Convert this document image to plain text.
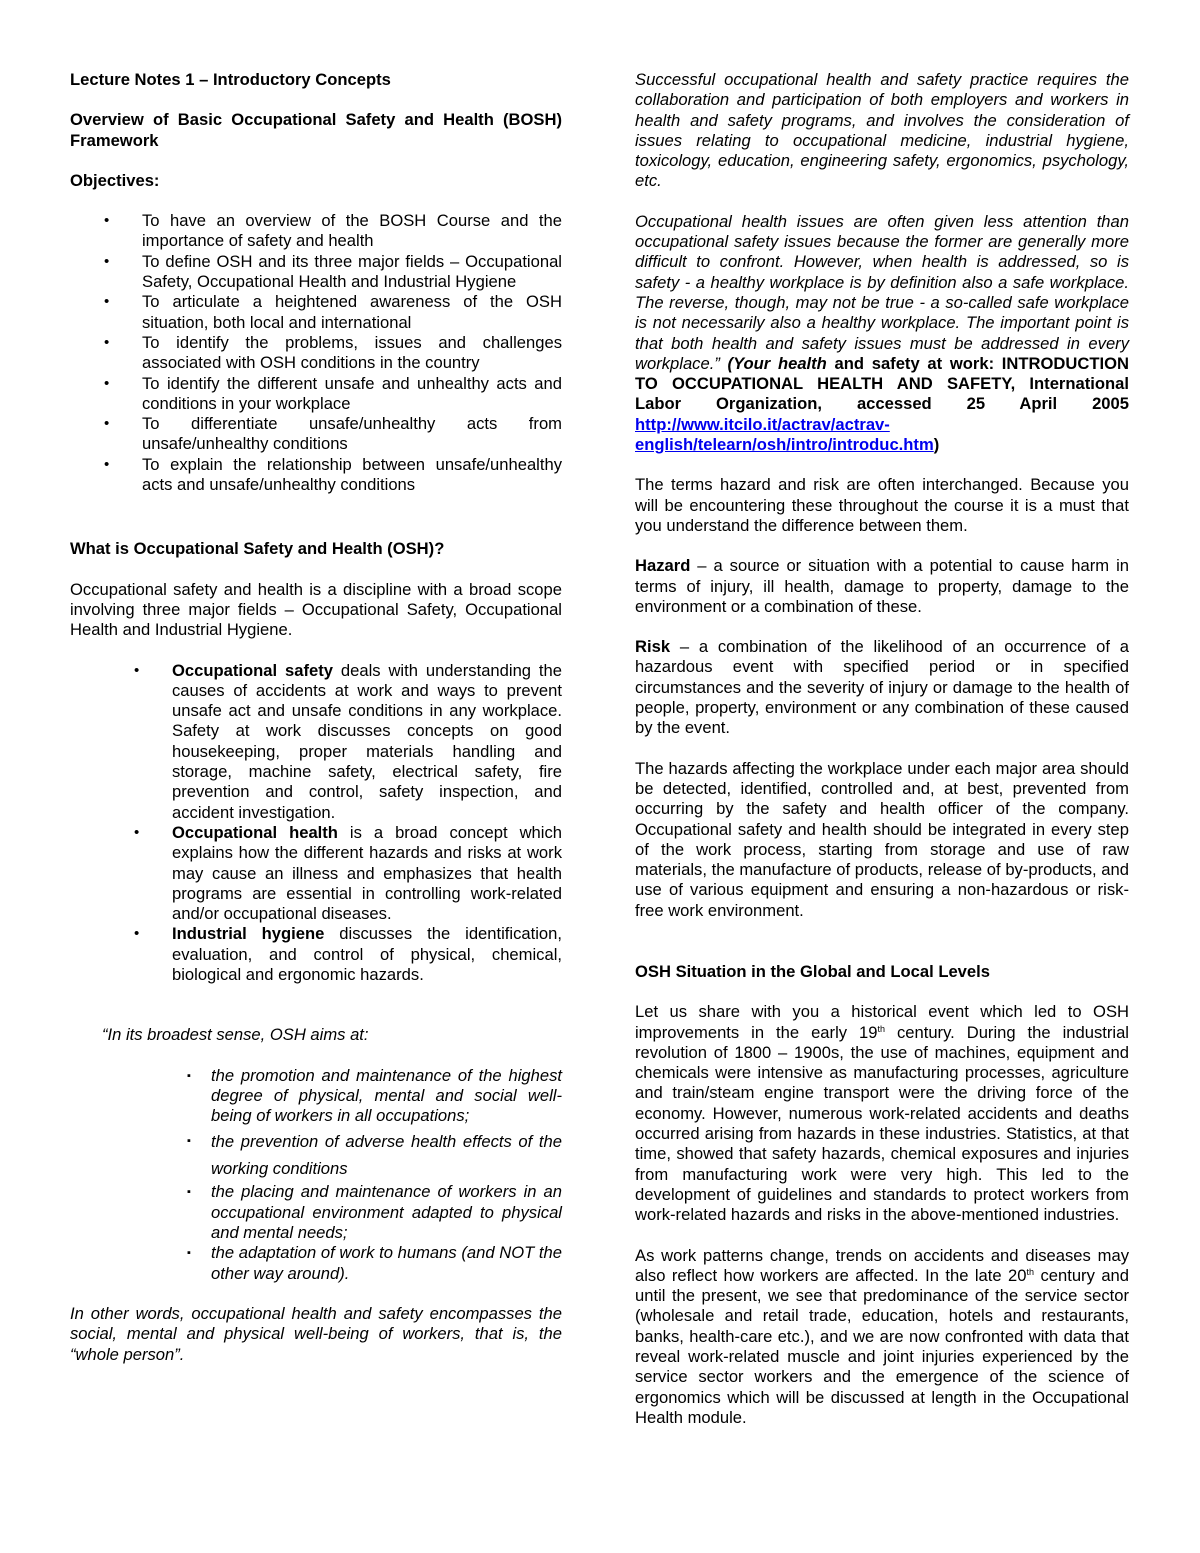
Lecture Notes 1 – Introductory Concepts
Overview of Basic Occupational Safety and Health (BOSH) Framework
Objectives:
• To have an overview of the BOSH Course and the importance of safety and health
• To define OSH and its three major fields – Occupational Safety, Occupational Health and Industrial Hygiene
• To articulate a heightened awareness of the OSH situation, both local and international
• To identify the problems, issues and challenges associated with OSH conditions in the country
• To identify the different unsafe and unhealthy acts and conditions in your workplace
• To differentiate unsafe/unhealthy acts from unsafe/unhealthy conditions
• To explain the relationship between unsafe/unhealthy acts and unsafe/unhealthy conditions
What is Occupational Safety and Health (OSH)?

Occupational safety and health is a discipline with a broad scope involving three major fields – Occupational Safety, Occupational Health and Industrial Hygiene.

• Occupational safety deals with understanding the causes of accidents at work and ways to prevent unsafe act and unsafe conditions in any workplace. Safety at work discusses concepts on good housekeeping, proper materials handling and storage, machine safety, electrical safety, fire prevention and control, safety inspection, and accident investigation.
• Occupational health is a broad concept which explains how the different hazards and risks at work may cause an illness and emphasizes that health programs are essential in controlling work-related and/or occupational diseases.
• Industrial hygiene discusses the identification, evaluation, and control of physical, chemical, biological and ergonomic hazards.

“In its broadest sense, OSH aims at:

▪ the promotion and maintenance of the highest degree of physical, mental and social well-being of workers in all occupations;
▪ the prevention of adverse health effects of the working conditions
▪ the placing and maintenance of workers in an occupational environment adapted to physical and mental needs;
▪ the adaptation of work to humans (and NOT the other way around).

In other words, occupational health and safety encompasses the social, mental and physical well-being of workers, that is, the “whole person”.

Successful occupational health and safety practice requires the collaboration and participation of both employers and workers in health and safety programs, and involves the consideration of issues relating to occupational medicine, industrial hygiene, toxicology, education, engineering safety, ergonomics, psychology, etc.

Occupational health issues are often given less attention than occupational safety issues because the former are generally more difficult to confront. However, when health is addressed, so is safety - a healthy workplace is by definition also a safe workplace. The reverse, though, may not be true - a so-called safe workplace is not necessarily also a healthy workplace. The important point is that both health and safety issues must be addressed in every workplace.” (Your health and safety at work: INTRODUCTION TO OCCUPATIONAL HEALTH AND SAFETY, International Labor Organization, accessed 25 April 2005 http://www.itcilo.it/actrav/actrav-english/telearn/osh/intro/introduc.htm)

The terms hazard and risk are often interchanged. Because you will be encountering these throughout the course it is a must that you understand the difference between them.

Hazard – a source or situation with a potential to cause harm in terms of injury, ill health, damage to property, damage to the environment or a combination of these.

Risk – a combination of the likelihood of an occurrence of a hazardous event with specified period or in specified circumstances and the severity of injury or damage to the health of people, property, environment or any combination of these caused by the event.

The hazards affecting the workplace under each major area should be detected, identified, controlled and, at best, prevented from occurring by the safety and health officer of the company. Occupational safety and health should be integrated in every step of the work process, starting from storage and use of raw materials, the manufacture of products, release of by-products, and use of various equipment and ensuring a non-hazardous or risk-free work environment.

OSH Situation in the Global and Local Levels

Let us share with you a historical event which led to OSH improvements in the early 19th century. During the industrial revolution of 1800 – 1900s, the use of machines, equipment and chemicals were intensive as manufacturing processes, agriculture and train/steam engine transport were the driving force of the economy. However, numerous work-related accidents and deaths occurred arising from hazards in these industries. Statistics, at that time, showed that safety hazards, chemical exposures and injuries from manufacturing work were very high. This led to the development of guidelines and standards to protect workers from work-related hazards and risks in the above-mentioned industries.

As work patterns change, trends on accidents and diseases may also reflect how workers are affected. In the late 20th century and until the present, we see that predominance of the service sector (wholesale and retail trade, education, hotels and restaurants, banks, health-care etc.), and we are now confronted with data that reveal work-related muscle and joint injuries experienced by the service sector workers and the emergence of the science of ergonomics which will be discussed at length in the Occupational Health module.
